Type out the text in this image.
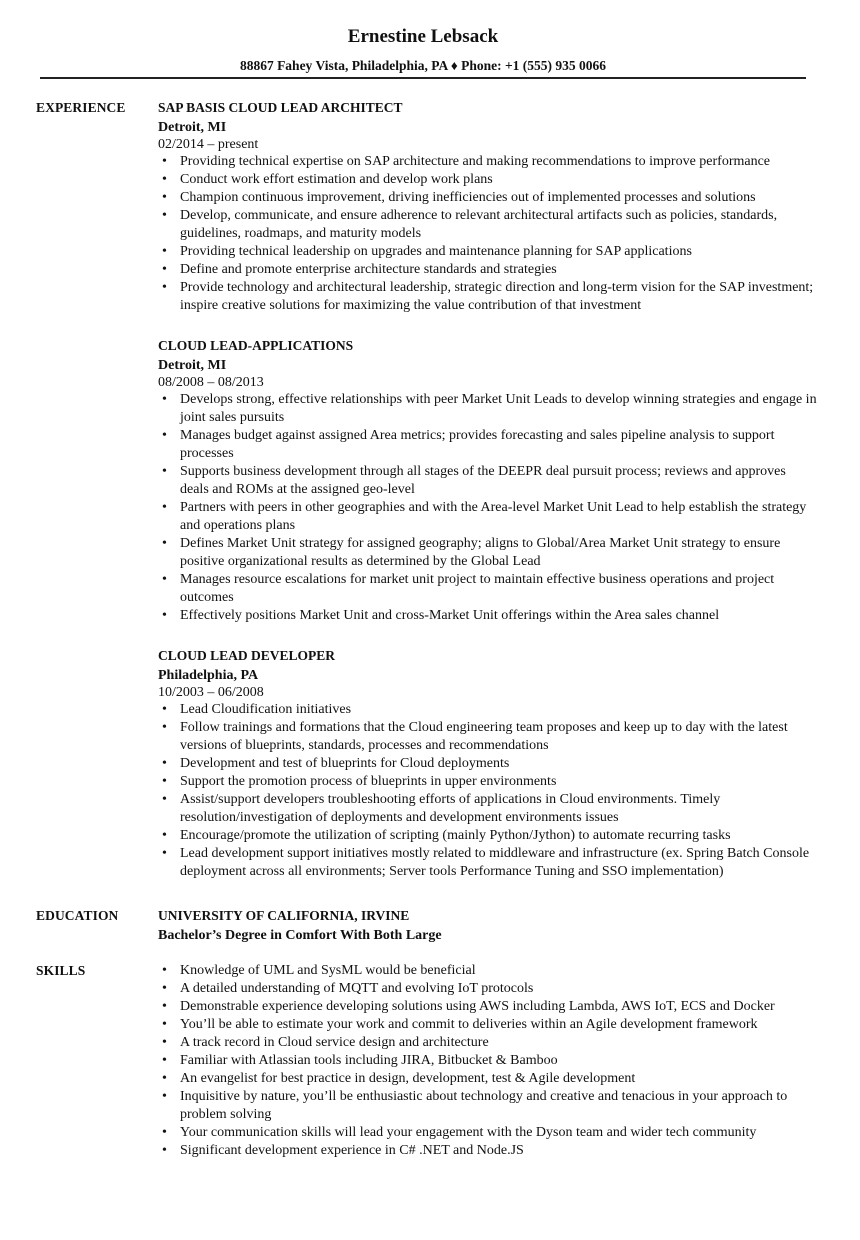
Ernestine Lebsack
88867 Fahey Vista, Philadelphia, PA ♦ Phone: +1 (555) 935 0066
EXPERIENCE SAP BASIS CLOUD LEAD ARCHITECT
Detroit, MI
02/2014 – present
• Providing technical expertise on SAP architecture and making recommendations to improve performance
• Conduct work effort estimation and develop work plans
• Champion continuous improvement, driving inefficiencies out of implemented processes and solutions
• Develop, communicate, and ensure adherence to relevant architectural artifacts such as policies, standards, guidelines, roadmaps, and maturity models
• Providing technical leadership on upgrades and maintenance planning for SAP applications
• Define and promote enterprise architecture standards and strategies
• Provide technology and architectural leadership, strategic direction and long-term vision for the SAP investment; inspire creative solutions for maximizing the value contribution of that investment
CLOUD LEAD-APPLICATIONS
Detroit, MI
08/2008 – 08/2013
• Develops strong, effective relationships with peer Market Unit Leads to develop winning strategies and engage in joint sales pursuits
• Manages budget against assigned Area metrics; provides forecasting and sales pipeline analysis to support processes
• Supports business development through all stages of the DEEPR deal pursuit process; reviews and approves deals and ROMs at the assigned geo-level
• Partners with peers in other geographies and with the Area-level Market Unit Lead to help establish the strategy and operations plans
• Defines Market Unit strategy for assigned geography; aligns to Global/Area Market Unit strategy to ensure positive organizational results as determined by the Global Lead
• Manages resource escalations for market unit project to maintain effective business operations and project outcomes
• Effectively positions Market Unit and cross-Market Unit offerings within the Area sales channel
CLOUD LEAD DEVELOPER
Philadelphia, PA
10/2003 – 06/2008
• Lead Cloudification initiatives
• Follow trainings and formations that the Cloud engineering team proposes and keep up to day with the latest versions of blueprints, standards, processes and recommendations
• Development and test of blueprints for Cloud deployments
• Support the promotion process of blueprints in upper environments
• Assist/support developers troubleshooting efforts of applications in Cloud environments. Timely resolution/investigation of deployments and development environments issues
• Encourage/promote the utilization of scripting (mainly Python/Jython) to automate recurring tasks
• Lead development support initiatives mostly related to middleware and infrastructure (ex. Spring Batch Console deployment across all environments; Server tools Performance Tuning and SSO implementation)
EDUCATION	UNIVERSITY OF CALIFORNIA, IRVINE
Bachelor’s Degree in Comfort With Both Large
SKILLS
•	Knowledge of UML and SysML would be beneficial
• A detailed understanding of MQTT and evolving IoT protocols
• Demonstrable experience developing solutions using AWS including Lambda, AWS IoT, ECS and Docker
• You’ll be able to estimate your work and commit to deliveries within an Agile development framework
• A track record in Cloud service design and architecture
• Familiar with Atlassian tools including JIRA, Bitbucket & Bamboo
• An evangelist for best practice in design, development, test & Agile development
• Inquisitive by nature, you’ll be enthusiastic about technology and creative and tenacious in your approach to problem solving
• Your communication skills will lead your engagement with the Dyson team and wider tech community
• Significant development experience in C# .NET and Node.JS
